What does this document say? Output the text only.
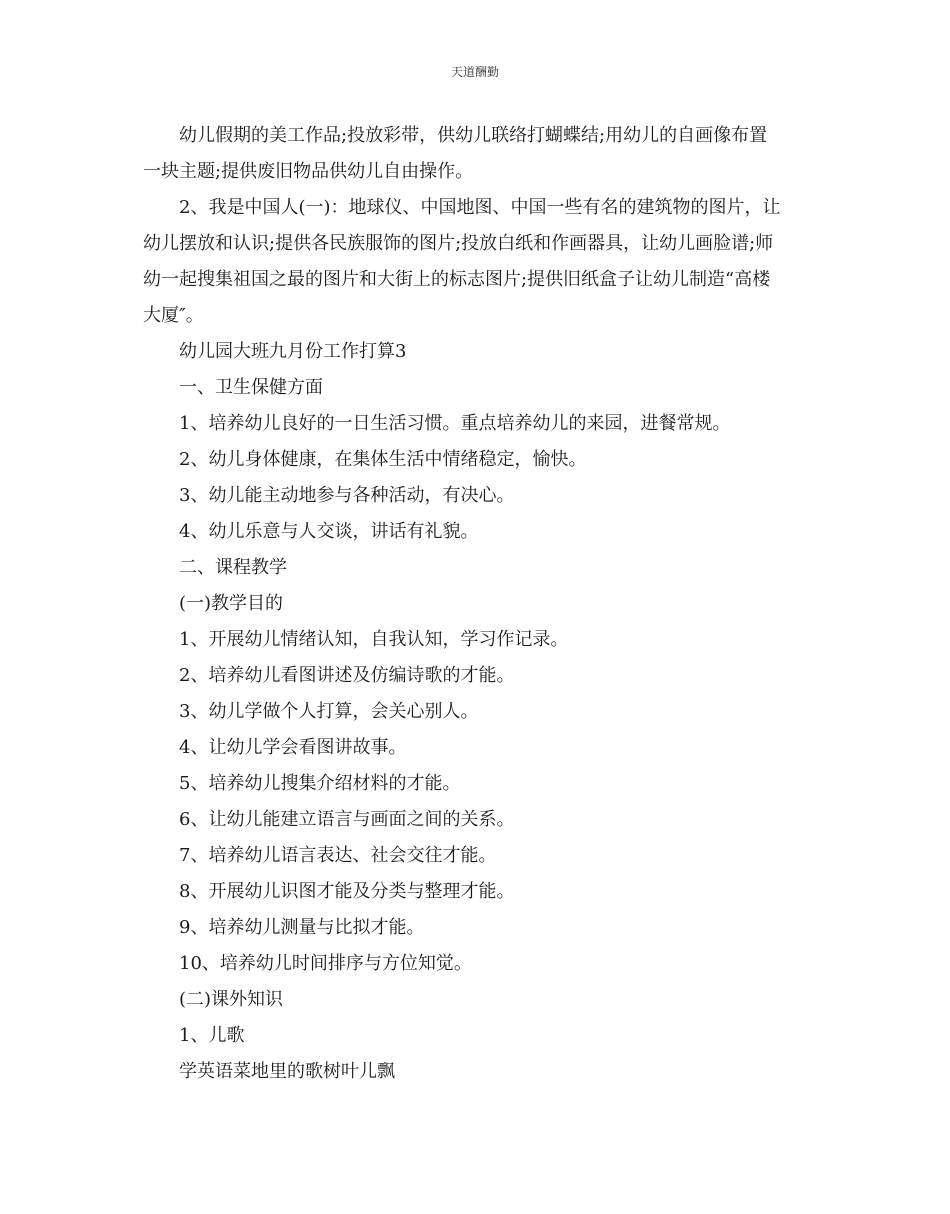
天道酬勤

幼儿假期的美工作品;投放彩带，供幼儿联络打蝴蝶结;用幼儿的自画像布置

一块主题;提供废旧物品供幼儿自由操作。

2、我是中国人(一)：地球仪、中国地图、中国一些有名的建筑物的图片，让

幼儿摆放和认识;提供各民族服饰的图片;投放白纸和作画器具，让幼儿画脸谱;师

幼一起搜集祖国之最的图片和大街上的标志图片;提供旧纸盒子让幼儿制造“高楼

大厦″。

幼儿园大班九月份工作打算3

一、卫生保健方面

1、培养幼儿良好的一日生活习惯。重点培养幼儿的来园，进餐常规。

2、幼儿身体健康，在集体生活中情绪稳定，愉快。

3、幼儿能主动地参与各种活动，有决心。

4、幼儿乐意与人交谈，讲话有礼貌。

二、课程教学

(一)教学目的

1、开展幼儿情绪认知，自我认知，学习作记录。

2、培养幼儿看图讲述及仿编诗歌的才能。

3、幼儿学做个人打算，会关心别人。

4、让幼儿学会看图讲故事。

5、培养幼儿搜集介绍材料的才能。

6、让幼儿能建立语言与画面之间的关系。

7、培养幼儿语言表达、社会交往才能。

8、开展幼儿识图才能及分类与整理才能。

9、培养幼儿测量与比拟才能。

10、培养幼儿时间排序与方位知觉。

(二)课外知识

1、儿歌

学英语菜地里的歌树叶儿飘
